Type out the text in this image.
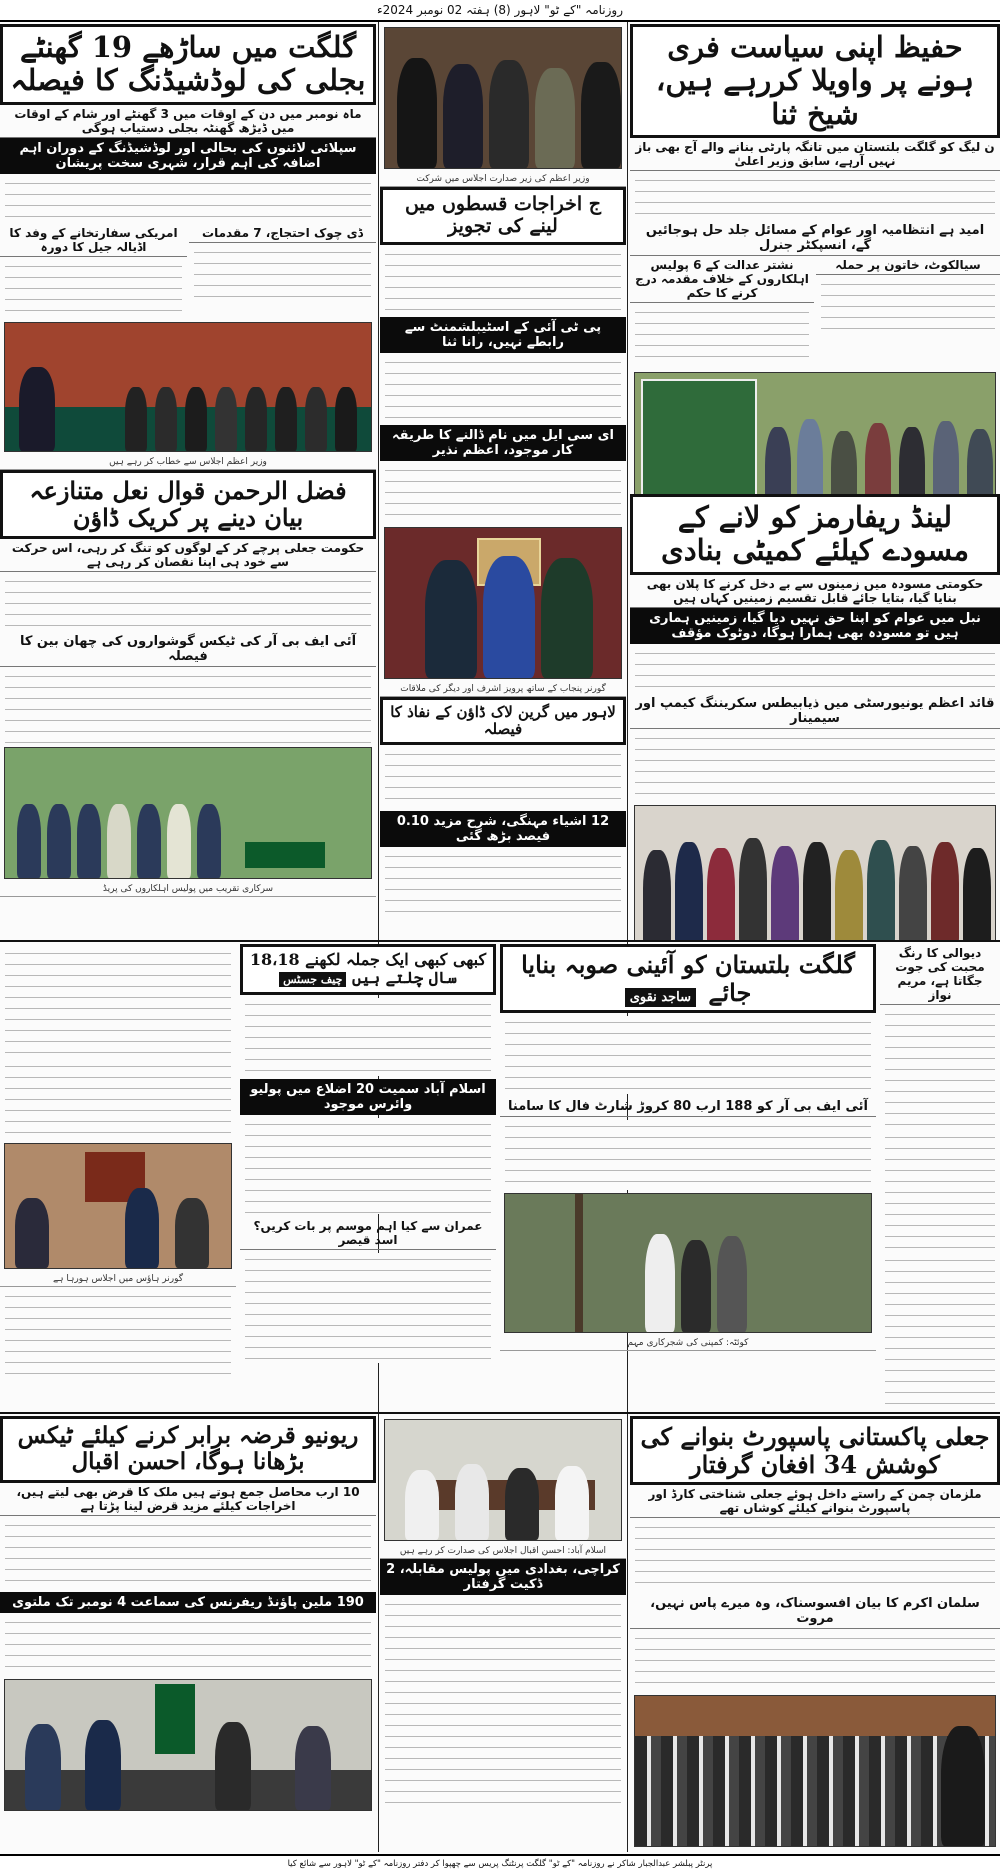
روزنامہ "کے ٹو" لاہور (8) ہفتہ 02 نومبر 2024ء
حفیظ اپنی سیاست فری ہونے پر واویلا کررہے ہیں، شیخ ثنا
ن لیگ کو گلگت بلتستان میں تانگہ پارٹی بنانے والے آج بھی باز نہیں آرہے، سابق وزیر اعلیٰ
امید ہے انتظامیہ اور عوام کے مسائل جلد حل ہوجائیں گے، انسپکٹر جنرل
سیالکوٹ، خاتون پر حملہ
نشتر عدالت کے 6 پولیس اہلکاروں کے خلاف مقدمہ درج کرنے کا حکم
لینڈ ریفارمز کو لانے کے مسودے کیلئے کمیٹی بنادی
حکومتی مسودہ میں زمینوں سے بے دخل کرنے کا پلان بھی بنایا گیا، بتایا جائے قابل تقسیم زمینیں کہاں ہیں
نبل میں عوام کو اپنا حق نہیں دیا گیا، زمینیں ہماری ہیں تو مسودہ بھی ہمارا ہوگا، دوٹوک مؤقف
قائد اعظم یونیورسٹی میں ذیابیطس سکریننگ کیمپ اور سیمینار
وزیر اعظم کی زیر صدارت اجلاس میں شرکت
ج اخراجات قسطوں میں لینے کی تجویز
پی ٹی آئی کے اسٹیبلشمنٹ سے رابطے نہیں، رانا ثنا
ای سی ایل میں نام ڈالنے کا طریقہ کار موجود، اعظم نذیر
گورنر پنجاب کے ساتھ پرویز اشرف اور دیگر کی ملاقات
لاہور میں گرین لاک ڈاؤن کے نفاذ کا فیصلہ
12 اشیاء مہنگی، شرح مزید 0.10 فیصد بڑھ گئی
گلگت میں ساڑھے 19 گھنٹے بجلی کی لوڈشیڈنگ کا فیصلہ
ماہ نومبر میں دن کے اوقات میں 3 گھنٹے اور شام کے اوقات میں ڈیڑھ گھنٹہ بجلی دستیاب ہوگی
سپلائی لائنوں کی بحالی اور لوڈشیڈنگ کے دوران اہم اضافہ کی اہم قرار، شہری سخت پریشان
ڈی چوک احتجاج، 7 مقدمات
امریکی سفارتخانے کے وفد کا اڈیالہ جیل کا دورہ
وزیر اعظم اجلاس سے خطاب کر رہے ہیں
فضل الرحمن قوال نعل متنازعہ بیان دینے پر کریک ڈاؤن
حکومت جعلی پرچے کر کے لوگوں کو تنگ کر رہی، اس حرکت سے خود ہی اپنا نقصان کر رہی ہے
آئی ایف بی آر کی ٹیکس گوشواروں کی چھان بین کا فیصلہ
سرکاری تقریب میں پولیس اہلکاروں کی پریڈ
دیوالی کا رنگ محبت کی جوت جگاتا ہے، مریم نواز
گلگت بلتستان کو آئینی صوبہ بنایا جائے ساجد نقوی
آئی ایف بی آر کو 188 ارب 80 کروڑ شارٹ فال کا سامنا
کوئٹہ: کمپنی کی شجرکاری مہم
کبھی کبھی ایک جملہ لکھنے 18،18 سال چلتے ہیں چیف جسٹس
اسلام آباد سمیت 20 اضلاع میں پولیو وائرس موجود
عمران سے کیا اہم موسم پر بات کریں؟ اسد قیصر
گورنر ہاؤس میں اجلاس ہورہا ہے
جعلی پاکستانی پاسپورٹ بنوانے کی کوشش 34 افغان گرفتار
ملزمان چمن کے راستے داخل ہوئے جعلی شناختی کارڈ اور پاسپورٹ بنوانے کیلئے کوشاں تھے
سلمان اکرم کا بیان افسوسناک، وہ میرے پاس نہیں، مروت
اسلام آباد: احسن اقبال اجلاس کی صدارت کر رہے ہیں
کراچی، بغدادی میں پولیس مقابلہ، 2 ڈکیت گرفتار
ریونیو قرضہ برابر کرنے کیلئے ٹیکس بڑھانا ہوگا، احسن اقبال
10 ارب محاصل جمع ہوتے ہیں ملک کا قرض بھی لیتے ہیں، اخراجات کیلئے مزید قرض لینا پڑتا ہے
190 ملین پاؤنڈ ریفرنس کی سماعت 4 نومبر تک ملتوی
پرنٹر پبلشر عبدالجبار شاکر نے روزنامہ "کے ٹو" گلگت پرنٹنگ پریس سے چھپوا کر دفتر روزنامہ "کے ٹو" لاہور سے شائع کیا
